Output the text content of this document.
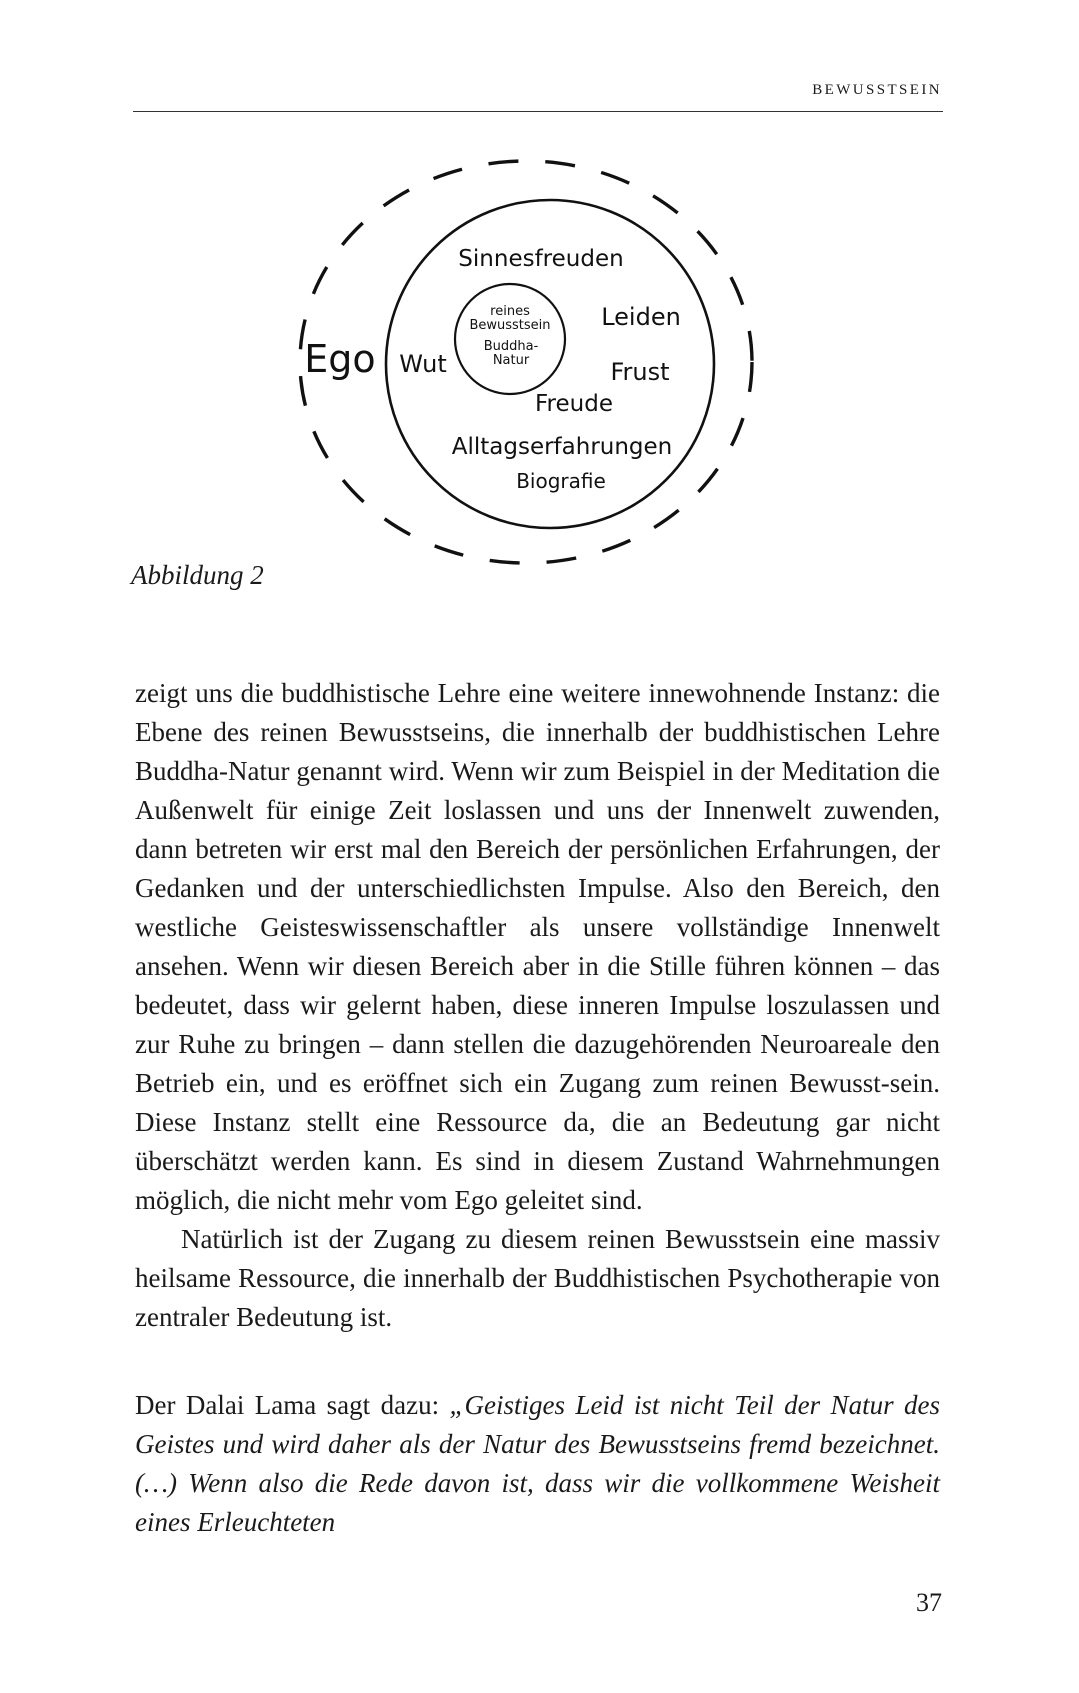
BEWUSSTSEIN
Ego
Sinnesfreuden
Leiden
Wut	Frust
Freude
Alltagserfahrungen
Biografie
reines
Bewusstsein
Buddha-
Natur
Abbildung 2

zeigt uns die buddhistische Lehre eine weitere innewohnende Instanz: die Ebene des reinen Bewusstseins, die innerhalb der buddhistischen Lehre Buddha-Natur genannt wird. Wenn wir zum Beispiel in der Meditation die Außenwelt für einige Zeit loslassen und uns der Innenwelt zuwenden, dann betreten wir erst mal den Bereich der persönlichen Erfahrungen, der Gedanken und der unterschiedlichsten Impulse. Also den Bereich, den westliche Geisteswissenschaftler als unsere vollständige Innenwelt ansehen. Wenn wir diesen Bereich aber in die Stille führen können – das bedeutet, dass wir gelernt haben, diese inneren Impulse loszulassen und zur Ruhe zu bringen – dann stellen die dazugehörenden Neuroareale den Betrieb ein, und es eröffnet sich ein Zugang zum reinen Bewusst-sein. Diese Instanz stellt eine Ressource da, die an Bedeutung gar nicht überschätzt werden kann. Es sind in diesem Zustand Wahrnehmungen möglich, die nicht mehr vom Ego geleitet sind.

Natürlich ist der Zugang zu diesem reinen Bewusstsein eine massiv heilsame Ressource, die innerhalb der Buddhistischen Psychotherapie von zentraler Bedeutung ist.

Der Dalai Lama sagt dazu: „Geistiges Leid ist nicht Teil der Natur des Geistes und wird daher als der Natur des Bewusstseins fremd bezeichnet. (…) Wenn also die Rede davon ist, dass wir die vollkommene Weisheit eines Erleuchteten

37
